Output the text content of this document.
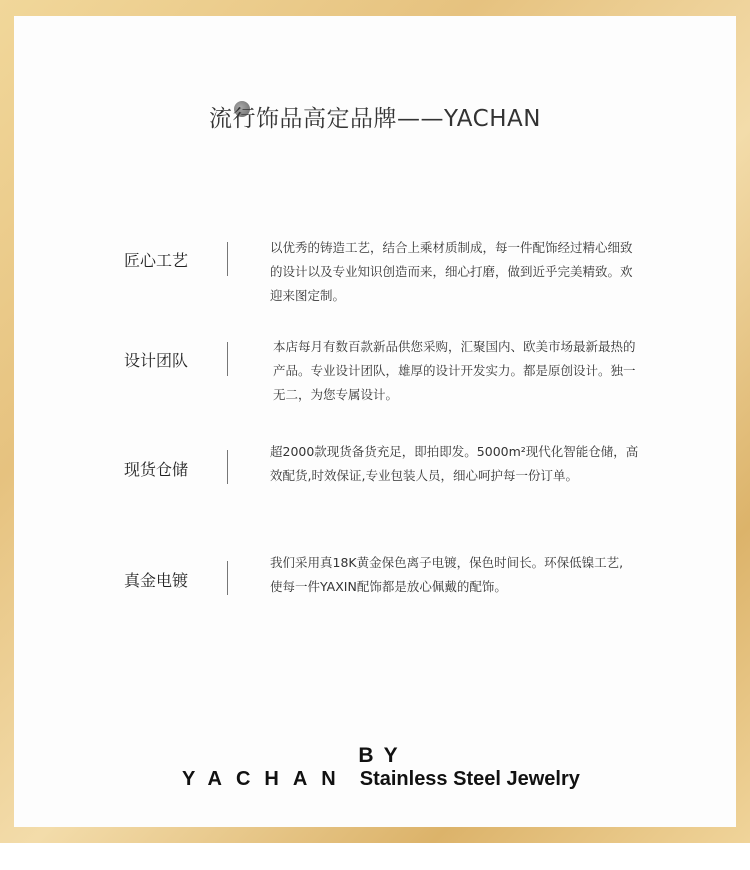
流行饰品高定品牌——YACHAN
匠心工艺
以优秀的铸造工艺，结合上乘材质制成，每一件配饰经过精心细致
的设计以及专业知识创造而来，细心打磨，做到近乎完美精致。欢
迎来图定制。
设计团队
本店每月有数百款新品供您采购，汇聚国内、欧美市场最新最热的
产品。专业设计团队，雄厚的设计开发实力。都是原创设计。独一
无二，为您专属设计。
现货仓储
超2000款现货备货充足，即拍即发。5000m²现代化智能仓储，高
效配货,时效保证,专业包装人员，细心呵护每一份订单。
真金电镀
我们采用真18K黄金保色离子电镀，保色时间长。环保低镍工艺,
使每一件YAXIN配饰都是放心佩戴的配饰。
BY
YACHAN Stainless Steel Jewelry
